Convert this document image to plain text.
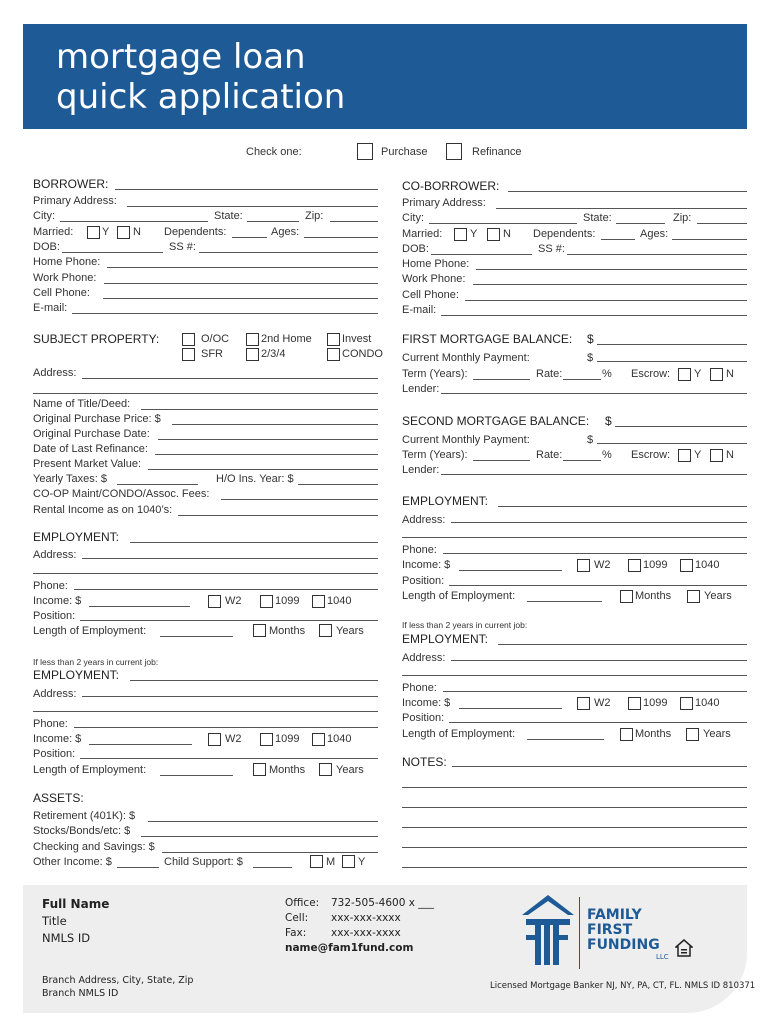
mortgage loan
quick application
Check one:	Purchase	Refinance
BORROWER:
Primary Address:
City:	State:	Zip:
Married:	Y N Dependents:	Ages:
DOB:	SS #:
Home Phone:
Work Phone:
Cell Phone:
E-mail:
CO-BORROWER:
Primary Address:
City:	State:	Zip:
Married:	Y N Dependents:	Ages:
DOB:	SS #:
Home Phone:
Work Phone:
Cell Phone:
E-mail:
SUBJECT PROPERTY:	O/OC	2nd Home	Invest
SFR	2/3/4	CONDO
Address:
Name of Title/Deed:
Original Purchase Price: $
Original Purchase Date:
Date of Last Refinance:
Present Market Value:
Yearly Taxes: $	H/O Ins. Year: $
CO-OP Maint/CONDO/Assoc. Fees:
Rental Income as on 1040’s:
FIRST MORTGAGE BALANCE: $
Current Monthly Payment:	$
Term (Years):	Rate:	% Escrow: Y N
Lender:
SECOND MORTGAGE BALANCE: $
Current Monthly Payment:	$
Term (Years):	Rate:	% Escrow: Y N
Lender:
EMPLOYMENT:
Address:
Phone:
Income: $	W2	1099	1040
Position:
Length of Employment:	Months	Years
If less than 2 years in current job:
EMPLOYMENT:
Address:
Phone:
Income: $	W2	1099	1040
Position:
Length of Employment:	Months	Years
NOTES:
EMPLOYMENT:
Address:
Phone:
Income: $	W2	1099	1040
Position:
Length of Employment:	Months	Years
If less than 2 years in current job:
EMPLOYMENT:
Address:
Phone:
Income: $	W2	1099	1040
Position:
Length of Employment:	Months	Years
ASSETS:
Retirement (401K): $
Stocks/Bonds/etc: $
Checking and Savings: $
Other Income: $	Child Support: $	M Y
Full Name
Title
NMLS ID
Office: 732-505-4600 x ___
Cell: xxx-xxx-xxxx
Fax: xxx-xxx-xxxx
name@fam1fund.com
Branch Address, City, State, Zip
Branch NMLS ID
FAMILY
FIRST
FUNDING
LLC
Licensed Mortgage Banker NJ, NY, PA, CT, FL. NMLS ID 810371
